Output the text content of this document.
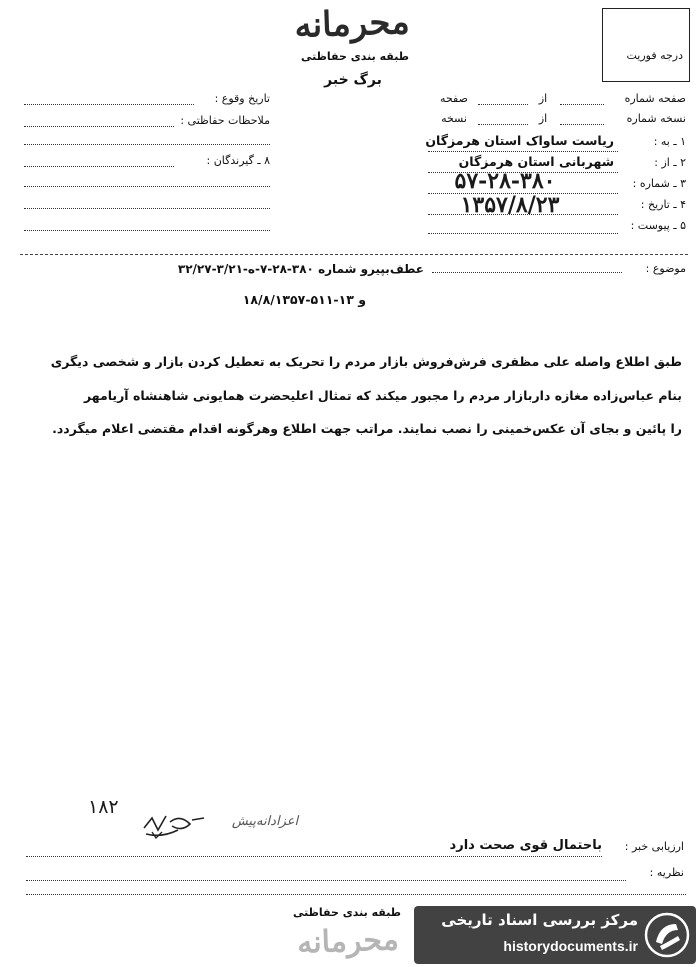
محرمانه
طبقه بندی حفاظتی
برگ خبر
درجه فوریت
تاریخ وقوع :
ملاحظات حفاظتی :
۸ ـ گیرندگان :
صفحه شماره
از
صفحه
نسخه شماره
از
نسخه
۱ ـ به :
ریاست ساواک استان هرمزگان
۲ ـ از :
شهربانی استان هرمزگان
۳ ـ شماره :
۵۷-۲۸-۳۸۰
۴ ـ تاریخ :
۱۳۵۷/۸/۲۳
۵ ـ پیوست :
موضوع :
عطف‌بپیرو شماره ۳۸۰-۲۸-۷-ه-۳/۲۱-۳۲/۲۷
و ۱۳-۵۱۱-۱۸/۸/۱۳۵۷
طبق اطلاع واصله علی مظفری فرش‌فروش بازار مردم را تحریک به تعطیل کردن بازار و شخصی دیگری
بنام عباس‌زاده مغازه داربازار مردم را مجبور میکند که تمثال اعلیحضرت همایونی شاهنشاه آریامهر
را پائین و بجای آن عکس‌خمینی را نصب نمایند. مراتب جهت اطلاع وهرگونه اقدام مقتضی اعلام میگردد.
۱۸۲
اعزادانه‌پیش
ارزیابی خبر :
باحتمال قوی صحت دارد
نظریه :
طبقه بندی حفاظتی
محرمانه
مرکز بررسی اسناد تاریخی
historydocuments.ir
